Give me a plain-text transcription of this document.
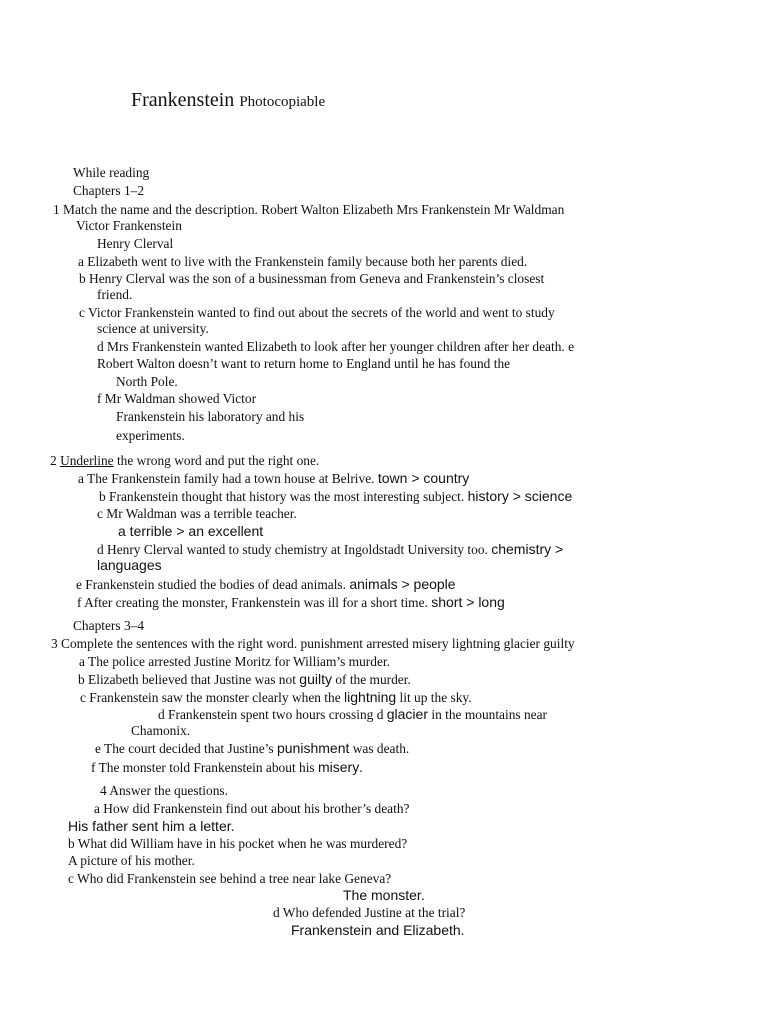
Frankenstein Photocopiable
While reading
Chapters 1–2
1 Match the name and the description. Robert Walton Elizabeth Mrs Frankenstein Mr Waldman
Victor Frankenstein
Henry Clerval
a Elizabeth went to live with the Frankenstein family because both her parents died.
b Henry Clerval was the son of a businessman from Geneva and Frankenstein’s closest
friend.
c Victor Frankenstein wanted to find out about the secrets of the world and went to study
science at university.
d Mrs Frankenstein wanted Elizabeth to look after her younger children after her death. e
Robert Walton doesn’t want to return home to England until he has found the
North Pole.
f Mr Waldman showed Victor
Frankenstein his laboratory and his
experiments.
2 Underline the wrong word and put the right one.
a The Frankenstein family had a town house at Belrive. town > country
b Frankenstein thought that history was the most interesting subject. history > science
c Mr Waldman was a terrible teacher.
a terrible > an excellent
d Henry Clerval wanted to study chemistry at Ingoldstadt University too. chemistry >
languages
e Frankenstein studied the bodies of dead animals. animals > people
f After creating the monster, Frankenstein was ill for a short time. short > long
Chapters 3–4
3 Complete the sentences with the right word. punishment arrested misery lightning glacier guilty
a The police arrested Justine Moritz for William’s murder.
b Elizabeth believed that Justine was not guilty of the murder.
c Frankenstein saw the monster clearly when the lightning lit up the sky.
d Frankenstein spent two hours crossing d glacier in the mountains near
Chamonix.
e The court decided that Justine’s punishment was death.
f The monster told Frankenstein about his misery.
4 Answer the questions.
a How did Frankenstein find out about his brother’s death?
His father sent him a letter.
b What did William have in his pocket when he was murdered?
A picture of his mother.
c Who did Frankenstein see behind a tree near lake Geneva?
The monster.
d Who defended Justine at the trial?
Frankenstein and Elizabeth.
